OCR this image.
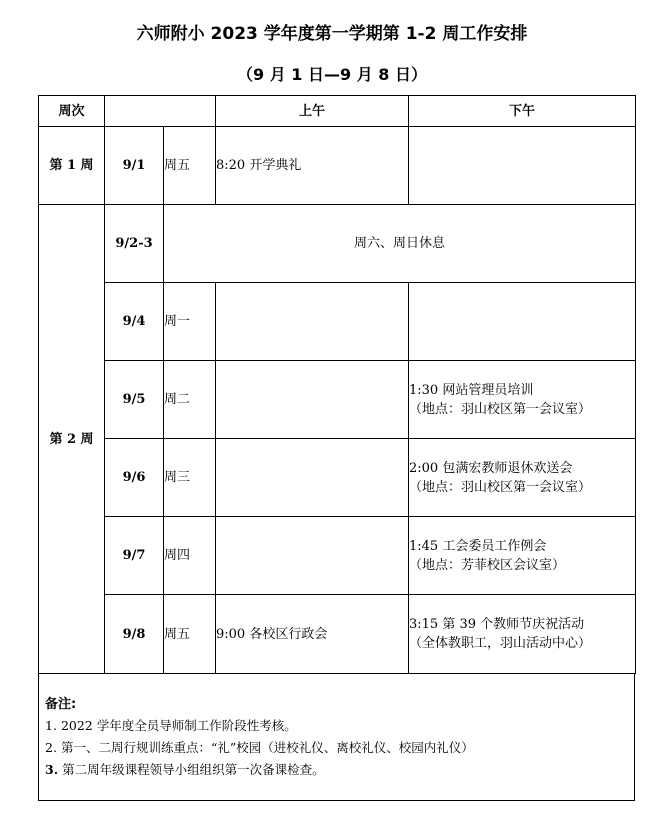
六师附小 2023 学年度第一学期第 1-2 周工作安排
（9 月 1 日—9 月 8 日）
周次			上午	下午
第 1 周	9/1	周五	8:20 开学典礼	

第 2 周	9/2-3	周六、周日休息		
	9/4	周一		
	9/5	周二		1:30 网站管理员培训
（地点：羽山校区第一会议室）

	9/6	周三		2:00 包满宏教师退休欢送会
（地点：羽山校区第一会议室）

	9/7	周四		1:45 工会委员工作例会
（地点：芳菲校区会议室）

	9/8	周五	9:00 各校区行政会	3:15 第 39 个教师节庆祝活动
（全体教职工，羽山活动中心）
备注:
1. 2022 学年度全员导师制工作阶段性考核。
2. 第一、二周行规训练重点：“礼”校园（进校礼仪、离校礼仪、校园内礼仪）
3. 第二周年级课程领导小组组织第一次备课检查。
